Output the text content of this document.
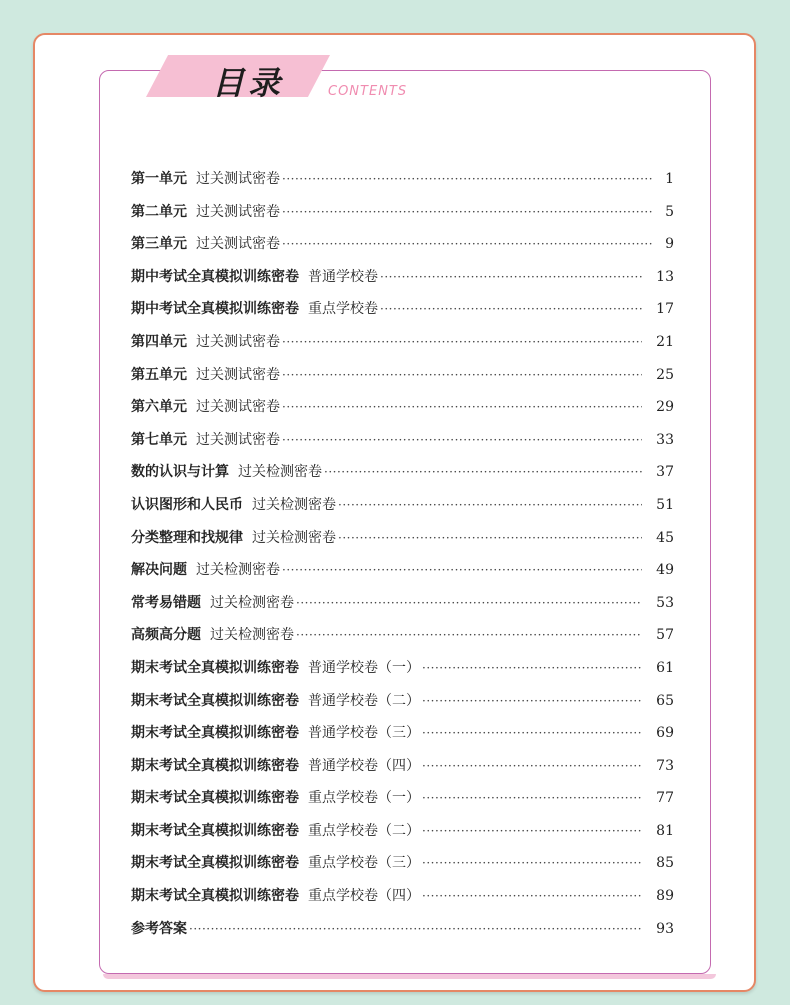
目录	CONTENTS
第一单元 过关测试密卷 ·····	1
第二单元 过关测试密卷 ·····	5
第三单元 过关测试密卷 ·····	9
期中考试全真模拟训练密卷 普通学校卷 ·····	13
期中考试全真模拟训练密卷 重点学校卷 ·····	17
第四单元 过关测试密卷 ·····	21
第五单元 过关测试密卷 ·····	25
第六单元 过关测试密卷 ·····	29
第七单元 过关测试密卷 ·····	33
数的认识与计算 过关检测密卷 ·····	37
认识图形和人民币 过关检测密卷 ·····	51
分类整理和找规律 过关检测密卷 ·····	45
解决问题 过关检测密卷 ·····	49
常考易错题 过关检测密卷 ·····	53
高频高分题 过关检测密卷 ·····	57
期末考试全真模拟训练密卷 普通学校卷（一） ·····	61
期末考试全真模拟训练密卷 普通学校卷（二） ·····	65
期末考试全真模拟训练密卷 普通学校卷（三） ·····	69
期末考试全真模拟训练密卷 普通学校卷（四） ·····	73
期末考试全真模拟训练密卷 重点学校卷（一） ·····	77
期末考试全真模拟训练密卷 重点学校卷（二） ·····	81
期末考试全真模拟训练密卷 重点学校卷（三） ·····	85
期末考试全真模拟训练密卷 重点学校卷（四） ·····	89
参考答案 ·····	93
